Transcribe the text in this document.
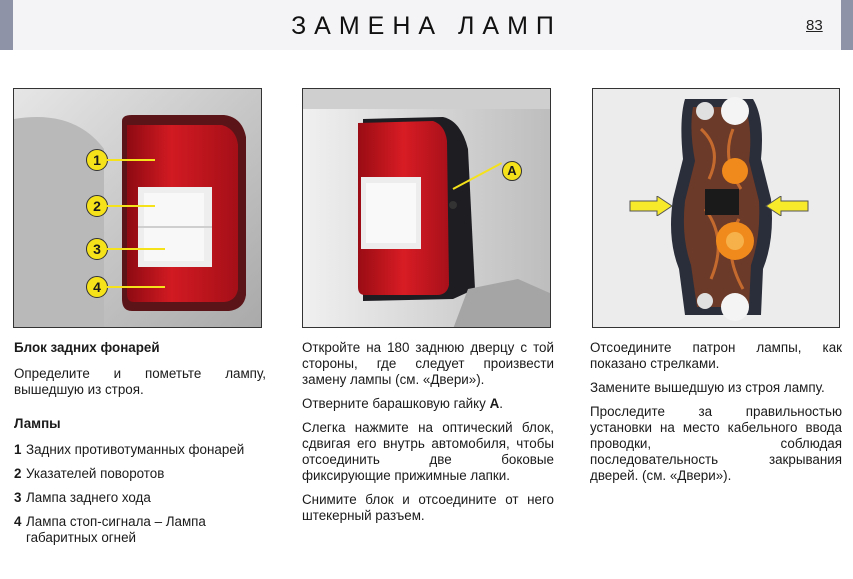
ЗАМЕНА ЛАМП	83
1
2
3
4
A
Блок задних фонарей

Определите и пометьте лампу, вышедшую из строя.

Лампы
1 Задних противотуманных фонарей
2 Указателей поворотов
3 Лампа заднего хода
4 Лампа стоп-сигнала – Лампа габаритных огней

Откройте на 180 заднюю дверцу с той стороны, где следует произвести замену лампы (см. «Двери»).

Отверните барашковую гайку A.

Слегка нажмите на оптический блок, сдвигая его внутрь автомобиля, чтобы отсоединить две боковые фиксирующие прижимные лапки.

Снимите блок и отсоедините от него штекерный разъем.

Отсоедините патрон лампы, как показано стрелками.

Замените вышедшую из строя лампу.

Проследите за правильностью установки на место кабельного ввода проводки, соблюдая последовательность закрывания дверей. (см. «Двери»).
